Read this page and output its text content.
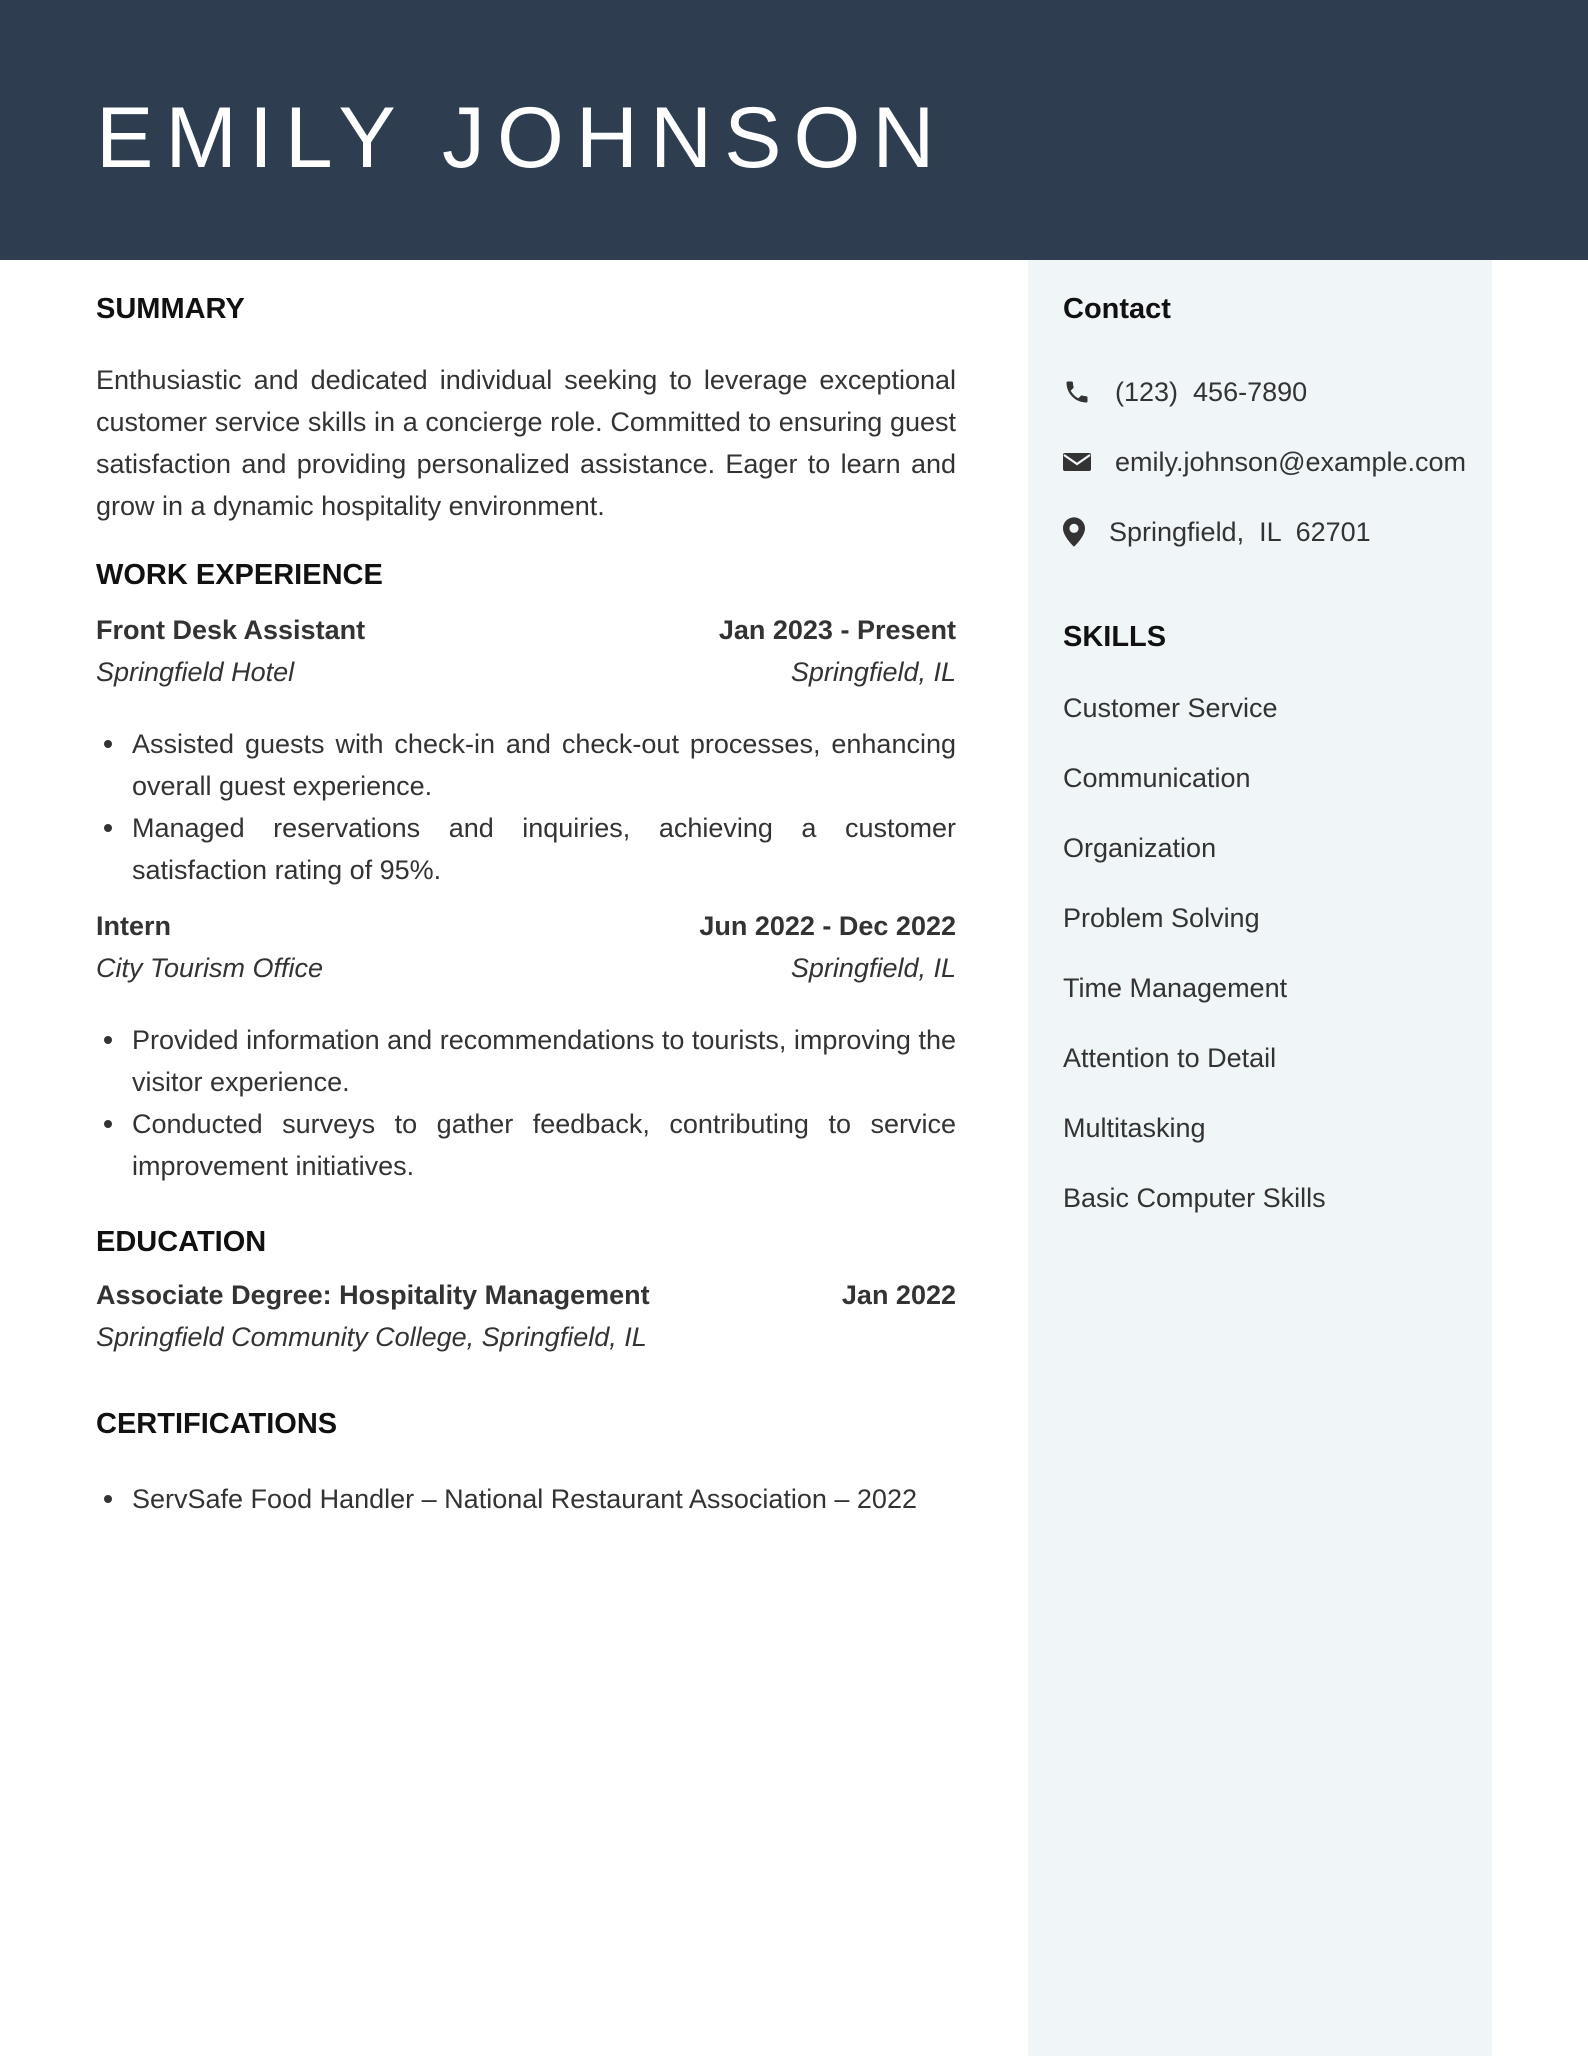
EMILY JOHNSON
SUMMARY
Enthusiastic and dedicated individual seeking to leverage exceptional customer service skills in a concierge role. Committed to ensuring guest satisfaction and providing personalized assistance. Eager to learn and grow in a dynamic hospitality environment.
WORK EXPERIENCE
Front Desk Assistant	Jan 2023 - Present
Springfield Hotel	Springfield, IL
Assisted guests with check-in and check-out processes, enhancing overall guest experience.
Managed reservations and inquiries, achieving a customer satisfaction rating of 95%.
Intern	Jun 2022 - Dec 2022
City Tourism Office	Springfield, IL
Provided information and recommendations to tourists, improving the visitor experience.
Conducted surveys to gather feedback, contributing to service improvement initiatives.
EDUCATION
Associate Degree: Hospitality Management	Jan 2022
Springfield Community College, Springfield, IL
CERTIFICATIONS
ServSafe Food Handler – National Restaurant Association – 2022
Contact
(123)  456-7890
emily.johnson@example.com
Springfield,  IL  62701
SKILLS
Customer Service
Communication
Organization
Problem Solving
Time Management
Attention to Detail
Multitasking
Basic Computer Skills
